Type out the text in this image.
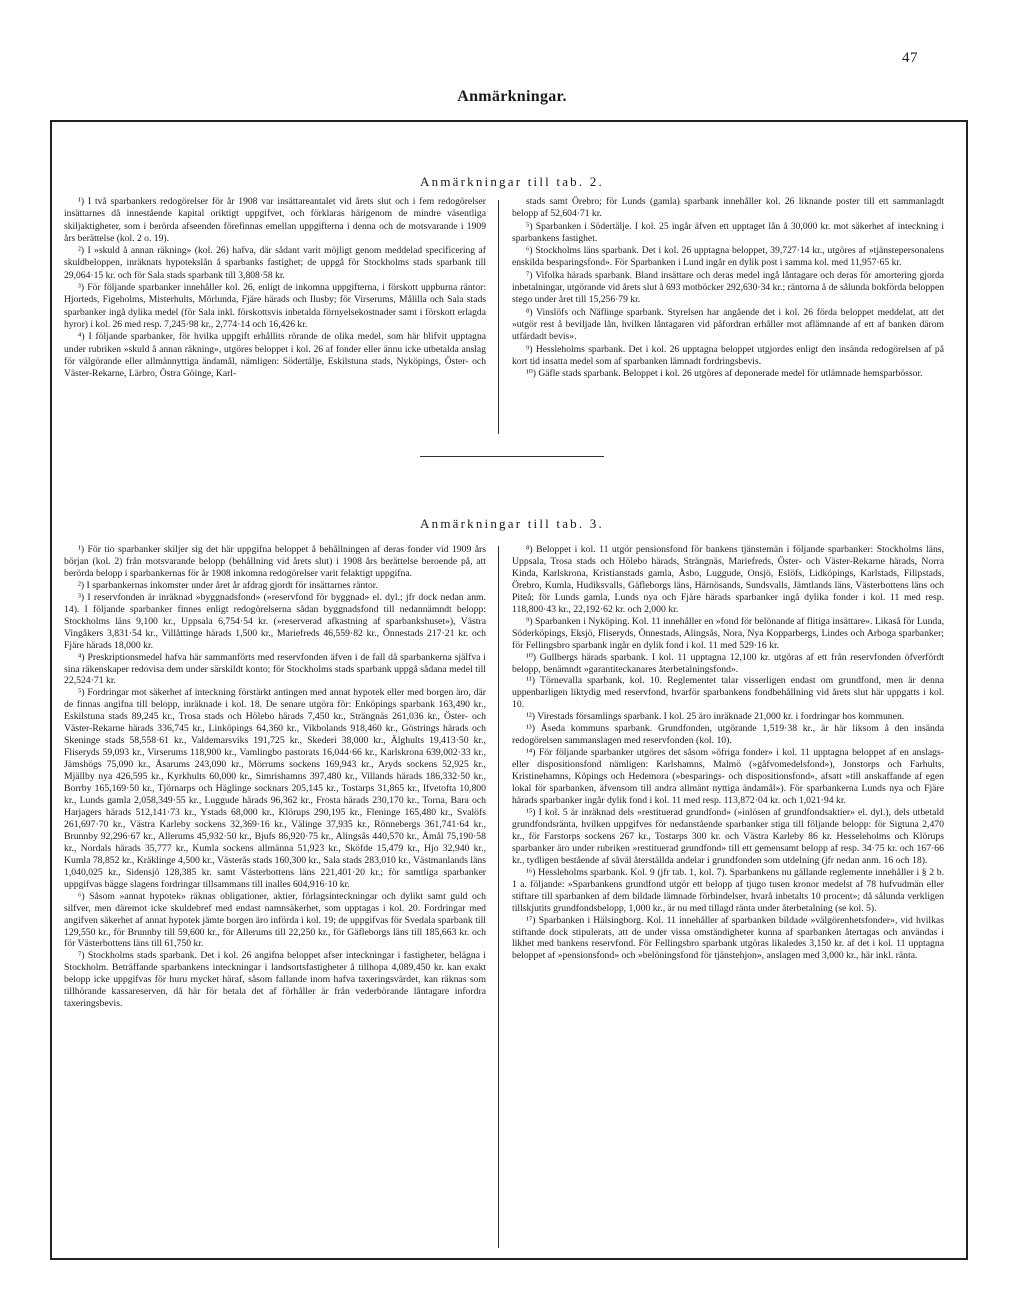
47
Anmärkningar.
Anmärkningar till tab. 2.

¹) I två sparbankers redogörelser för år 1908 var insättareantalet vid årets slut och i fem redogörelser insättarnes då innestående kapital oriktigt uppgifvet, och förklaras härigenom de mindre väsentliga skiljaktigheter, som i berörda afseenden förefinnas emellan uppgifterna i denna och de motsvarande i 1909 års berättelse (kol. 2 o. 19).

²) I »skuld å annan räkning» (kol. 26) hafva, där sådant varit möjligt genom meddelad specificering af skuldbeloppen, inräknats hypotekslån å sparbanks fastighet; de uppgå för Stockholms stads sparbank till 29,064·15 kr. och för Sala stads sparbank till 3,808·58 kr.

³) För följande sparbanker innehåller kol. 26, enligt de inkomna uppgifterna, i förskott uppburna räntor: Hjorteds, Figeholms, Misterhults, Mörlunda, Fjäre härads och Ilusby; för Virserums, Målilla och Sala stads sparbanker ingå dylika medel (för Sala inkl. förskottsvis inbetalda förnyelsekostnader samt i förskott erlagda hyror) i kol. 26 med resp. 7,245·98 kr., 2,774·14 och 16,426 kr.

⁴) I följande sparbanker, för hvilka uppgift erhållits rörande de olika medel, som här blifvit upptagna under rubriken »skuld å annan räkning», utgöres beloppet i kol. 26 af fonder eller ännu icke utbetalda anslag för välgörande eller allmännyttiga ändamål, nämligen: Södertälje, Eskilstuna stads, Nyköpings, Öster- och Väster-Rekarne, Lärbro, Östra Göinge, Karl-

stads samt Örebro; för Lunds (gamla) sparbank innehåller kol. 26 liknande poster till ett sammanlagdt belopp af 52,604·71 kr.

⁵) Sparbanken i Södertälje. I kol. 25 ingår äfven ett upptaget lån å 30,000 kr. mot säkerhet af inteckning i sparbankens fastighet.

⁶) Stockholms läns sparbank. Det i kol. 26 upptagna beloppet, 39,727·14 kr., utgöres af »tjänstepersonalens enskilda besparingsfond». För Sparbanken i Lund ingår en dylik post i samma kol. med 11,957·65 kr.

⁷) Vifolka härads sparbank. Bland insättare och deras medel ingå låntagare och deras för amortering gjorda inbetalningar, utgörande vid årets slut å 693 motböcker 292,630·34 kr.; räntorna å de sålunda bokförda beloppen stego under året till 15,256·79 kr.

⁸) Vinslöfs och Näflinge sparbank. Styrelsen har angående det i kol. 26 förda beloppet meddelat, att det »utgör rest å beviljade lån, hvilken låntagaren vid påfordran erhåller mot aflämnande af ett af banken därom utfärdadt bevis».

⁹) Hessleholms sparbank. Det i kol. 26 upptagna beloppet utgjordes enligt den insända redogörelsen af på kort tid insatta medel som af sparbanken lämnadt fordringsbevis.

¹⁰) Gäfle stads sparbank. Beloppet i kol. 26 utgöres af deponerade medel för utlämnade hemsparbössor.

Anmärkningar till tab. 3.

¹) För tio sparbanker skiljer sig det här uppgifna beloppet å behållningen af deras fonder vid 1909 års början (kol. 2) från motsvarande belopp (behållning vid årets slut) i 1908 års berättelse beroende på, att berörda belopp i sparbankernas för år 1908 inkomna redogörelser varit felaktigt uppgifna.

²) I sparbankernas inkomster under året år afdrag gjordt för insättarnes räntor.

³) I reservfonden är inräknad »byggnadsfond» (»reservfond för byggnad» el. dyl.; jfr dock nedan anm. 14). I följande sparbanker finnes enligt redogörelserna sådan byggnadsfond till nedannämndt belopp: Stockholms läns 9,100 kr., Uppsala 6,754·54 kr. (»reserverad afkastning af sparbankshuset»), Västra Vingåkers 3,831·54 kr., Villåttinge härads 1,500 kr., Mariefreds 46,559·82 kr., Önnestads 217·21 kr. och Fjäre härads 18,000 kr.

⁴) Preskriptionsmedel hafva här sammanförts med reservfonden äfven i de fall då sparbankerna själfva i sina räkenskaper redovisa dem under särskildt konto; för Stockholms stads sparbank uppgå sådana medel till 22,524·71 kr.

⁵) Fordringar mot säkerhet af inteckning förstärkt antingen med annat hypotek eller med borgen äro, där de finnas angifna till belopp, inräknade i kol. 18. De senare utgöra för: Enköpings sparbank 163,490 kr., Eskilstuna stads 89,245 kr., Trosa stads och Hölebo härads 7,450 kr., Strängnäs 261,036 kr., Öster- och Väster-Rekarne härads 336,745 kr., Linköpings 64,360 kr., Vikbolands 918,460 kr., Göstrings härads och Skeninge stads 58,558·61 kr., Valdemarsviks 191,725 kr., Skederi 38,000 kr., Älghults 19,413·50 kr., Fliseryds 59,093 kr., Virserums 118,900 kr., Vamlingbo pastorats 16,044·66 kr., Karlskrona 639,002·33 kr., Jämshögs 75,090 kr., Åsarums 243,090 kr., Mörrums sockens 169,943 kr., Aryds sockens 52,925 kr., Mjällby nya 426,595 kr., Kyrkhults 60,000 kr., Simrishamns 397,480 kr., Villands härads 186,332·50 kr., Borrby 165,169·50 kr., Tjörnarps och Häglinge socknars 205,145 kr., Tostarps 31,865 kr., Ifvetofta 10,800 kr., Lunds gamla 2,058,349·55 kr., Luggude härads 96,362 kr., Frosta härads 230,170 kr., Torna, Bara och Harjagers härads 512,141·73 kr., Ystads 68,000 kr., Klörups 290,195 kr., Fleninge 165,480 kr., Svalöfs 261,697·70 kr., Västra Karleby sockens 32,369·16 kr., Välinge 37,935 kr., Rönnebergs 361,741·64 kr., Brunnby 92,296·67 kr., Allerums 45,932·50 kr., Bjufs 86,920·75 kr., Alingsås 440,570 kr., Åmål 75,190·58 kr., Nordals härads 35,777 kr., Kumla sockens allmänna 51,923 kr., Sköfde 15,479 kr., Hjo 32,940 kr., Kumla 78,852 kr., Kräklinge 4,500 kr., Västerås stads 160,300 kr., Sala stads 283,010 kr., Västmanlands läns 1,040,025 kr., Sidensjö 128,385 kr. samt Västerbottens läns 221,401·20 kr.; för samtliga sparbanker uppgifvas bägge slagens fordringar tillsammans till inalles 604,916·10 kr.

⁶) Såsom »annat hypotek» räknas obligationer, aktier, förlagsinteckningar och dylikt samt guld och silfver, men däremot icke skuldebref med endast namnsäkerhet, som upptagas i kol. 20. Fordringar med angifven säkerhet af annat hypotek jämte borgen äro införda i kol. 19; de uppgifvas för Svedala sparbank till 129,550 kr., för Brunnby till 59,600 kr., för Allerums till 22,250 kr., för Gäfleborgs läns till 185,663 kr. och för Västerbottens läns till 61,750 kr.

⁷) Stockholms stads sparbank. Det i kol. 26 angifna beloppet afser inteckningar i fastigheter, belägna i Stockholm. Beträffande sparbankens inteckningar i landsortsfastigheter å tillhopa 4,089,450 kr. kan exakt belopp icke uppgifvas för huru mycket häraf, såsom fallande inom hafva taxeringsvärdet, kan räknas som tillhörande kassareserven, då här för betala det af förhåller är från vederbörande låntagare infordra taxeringsbevis.

⁸) Beloppet i kol. 11 utgör pensionsfond för bankens tjänstemän i följande sparbanker: Stockholms läns, Uppsala, Trosa stads och Hölebo härads, Strängnäs, Mariefreds, Öster- och Väster-Rekarne härads, Norra Kinda, Karlskrona, Kristianstads gamla, Åsbo, Luggude, Onsjö, Eslöfs, Lidköpings, Karlstads, Filipstads, Örebro, Kumla, Hudiksvalls, Gäfleborgs läns, Härnösands, Sundsvalls, Jämtlands läns, Västerbottens läns och Piteå; för Lunds gamla, Lunds nya och Fjäre härads sparbanker ingå dylika fonder i kol. 11 med resp. 118,800·43 kr., 22,192·62 kr. och 2,000 kr.

⁹) Sparbanken i Nyköping. Kol. 11 innehåller en »fond för belönande af flitiga insättare». Likaså för Lunda, Söderköpings, Eksjö, Fliseryds, Önnestads, Alingsås, Nora, Nya Kopparbergs, Lindes och Arboga sparbanker; för Fellingsbro sparbank ingår en dylik fond i kol. 11 med 529·16 kr.

¹⁰) Gullbergs härads sparbank. I kol. 11 upptagna 12,100 kr. utgöras af ett från reservfonden öfverfördt belopp, benämndt »garantiteckanares återbetalningsfond».

¹¹) Törnevalla sparbank, kol. 10. Reglementet talar visserligen endast om grundfond, men är denna uppenbarligen liktydig med reservfond, hvarför sparbankens fondbehållning vid årets slut här uppgatts i kol. 10.

¹²) Virestads församlings sparbank. I kol. 25 äro inräknade 21,000 kr. i fordringar hos kommunen.

¹³) Åseda kommuns sparbank. Grundfonden, utgörande 1,519·38 kr., är här liksom å den insända redogörelsen sammanslagen med reservfonden (kol. 10).

¹⁴) För följande sparbanker utgöres det såsom »öfriga fonder» i kol. 11 upptagna beloppet af en anslags- eller dispositionsfond nämligen: Karlshamns, Malmö (»gåfvomedelsfond»), Jonstorps och Farhults, Kristinehamns, Köpings och Hedemora (»besparings- och dispositionsfond», afsatt »till anskaffande af egen lokal för sparbanken, äfvensom till andra allmänt nyttiga ändamål»). För sparbankerna Lunds nya och Fjäre härads sparbanker ingår dylik fond i kol. 11 med resp. 113,872·04 kr. och 1,021·94 kr.

¹⁵) I kol. 5 är inräknad dels »restituerad grundfond» (»inlösen af grundfondsaktier» el. dyl.), dels utbetald grundfondsränta, hvilken uppgifves för nedanstående sparbanker stiga till följande belopp: för Sigtuna 2,470 kr., för Farstorps sockens 267 kr., Tostarps 300 kr. och Västra Karleby 86 kr. Hesseleholms och Klörups sparbanker äro under rubriken »restituerad grundfond» till ett gemensamt belopp af resp. 34·75 kr. och 167·66 kr., tydligen bestående af såväl återställda andelar i grundfonden som utdelning (jfr nedan anm. 16 och 18).

¹⁶) Hessleholms sparbank. Kol. 9 (jfr tab. 1, kol. 7). Sparbankens nu gällande reglemente innehåller i § 2 b. 1 a. följande: »Sparbankens grundfond utgör ett belopp af tjugo tusen kronor medelst af 78 hufvudmän eller stiftare till sparbanken af dem bildade lämnade förbindelser, hvarå inbetalts 10 procent»; då sålunda verkligen tillskjutits grundfondsbelopp, 1,000 kr., är nu med tillagd ränta under återbetalning (se kol. 5).

¹⁷) Sparbanken i Hälsingborg. Kol. 11 innehåller af sparbanken bildade »välgörenhetsfonder», vid hvilkas stiftande dock stipulerats, att de under vissa omständigheter kunna af sparbanken återtagas och användas i likhet med bankens reservfond. För Fellingsbro sparbank utgöras likaledes 3,150 kr. af det i kol. 11 upptagna beloppet af »pensionsfond» och »belöningsfond för tjänstehjon», anslagen med 3,000 kr., här inkl. ränta.
